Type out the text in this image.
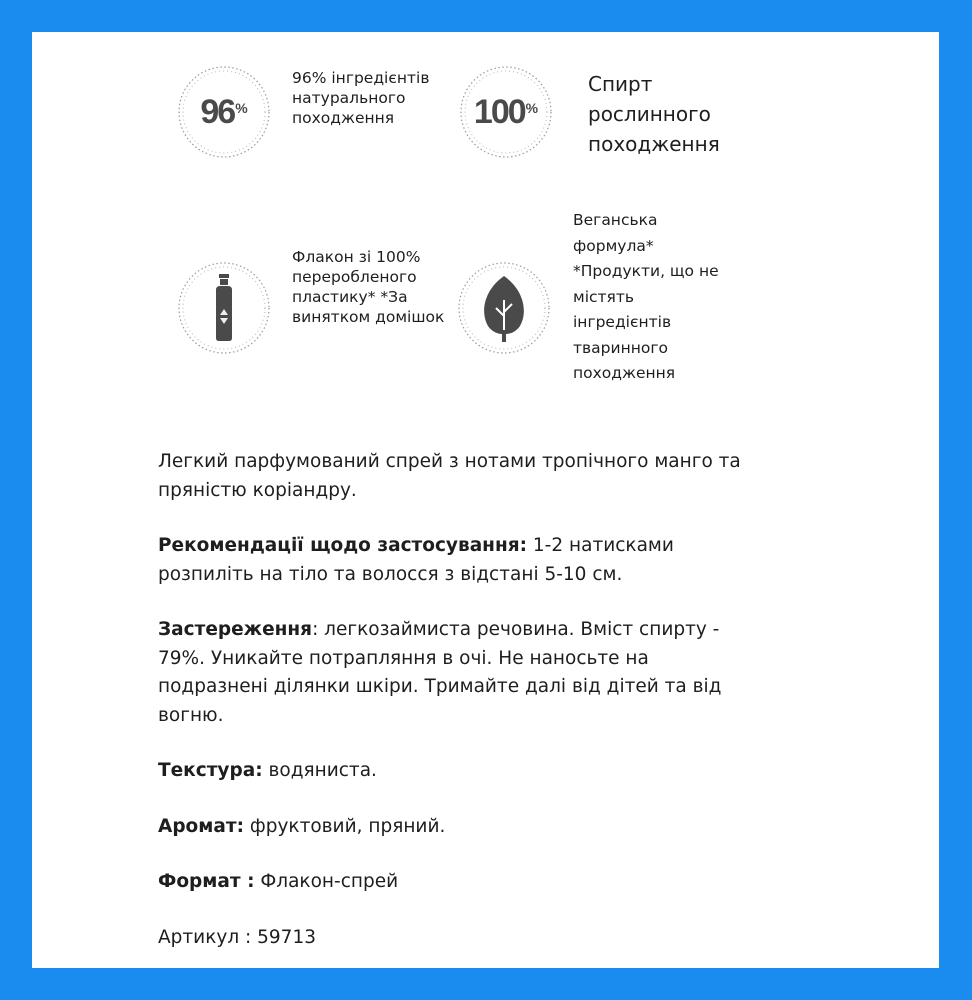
96 %
96% інгредієнтів натурального походження	100 %
Спирт рослинного походження
Флакон зі 100% переробленого пластику* *За винятком домішок
Веганська формула* *Продукти, що не містять інгредієнтів тваринного походження

Легкий парфумований спрей з нотами тропічного манго та пряністю коріандру.

Рекомендації щодо застосування: 1-2 натисками розпиліть на тіло та волосся з відстані 5-10 см.

Застереження: легкозаймиста речовина. Вміст спирту - 79%. Уникайте потрапляння в очі. Не наносьте на подразнені ділянки шкіри. Тримайте далі від дітей та від вогню.

Текстура: водяниста.

Аромат: фруктовий, пряний.

Формат : Флакон-спрей

Артикул : 59713
